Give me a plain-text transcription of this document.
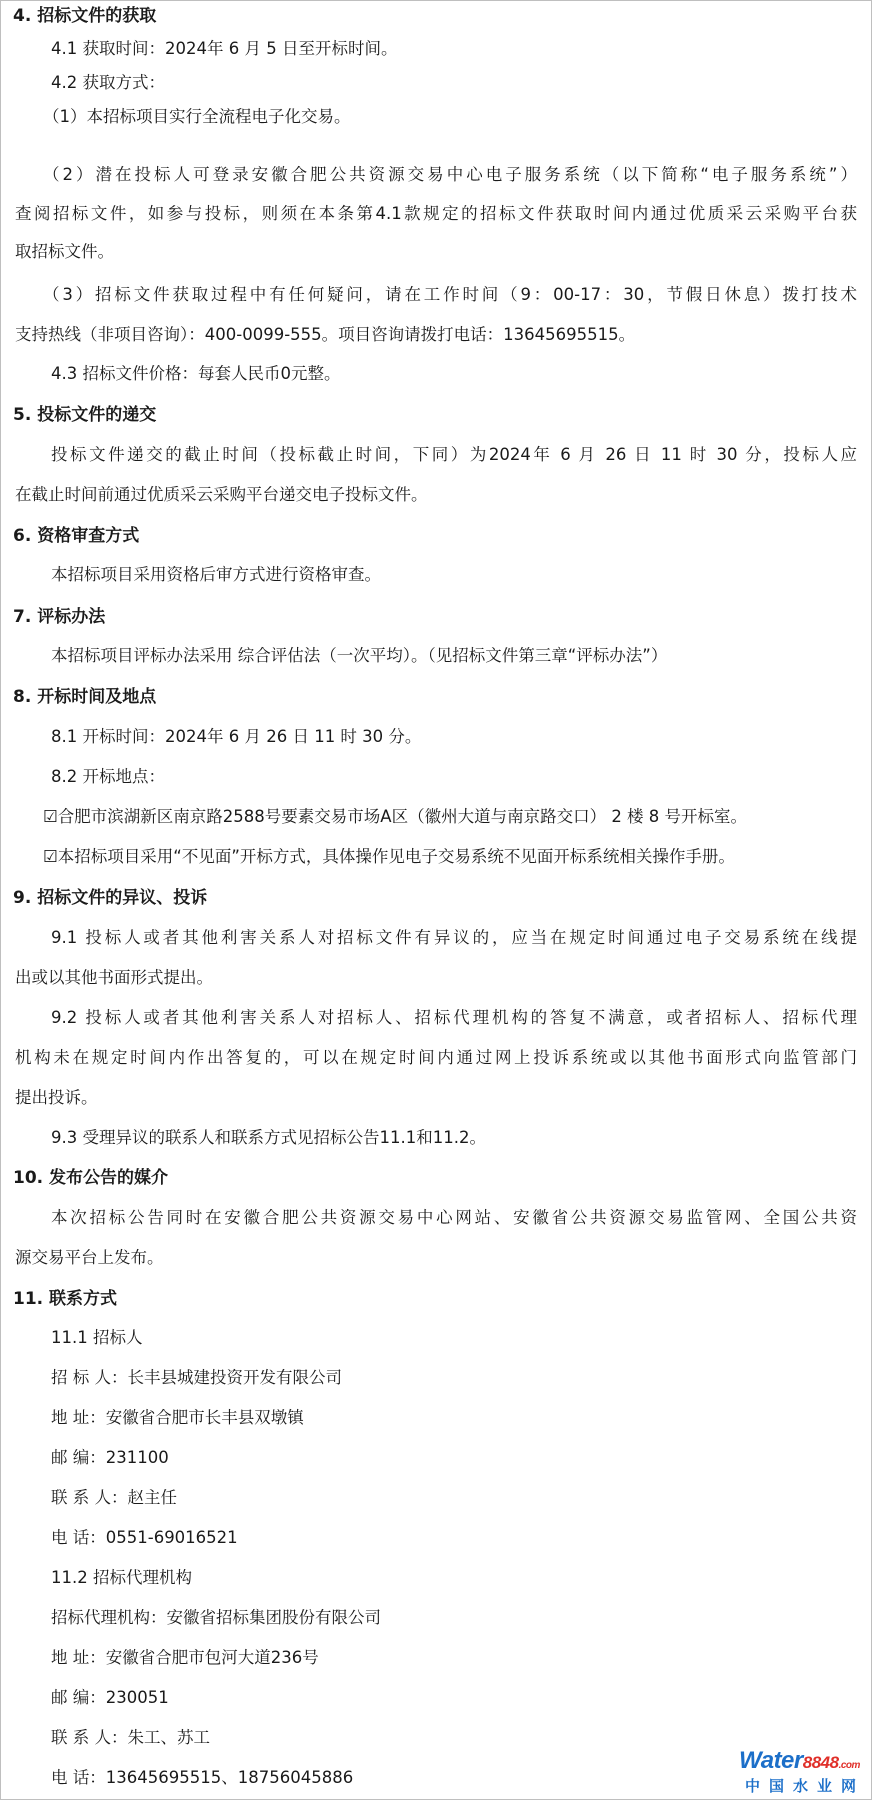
4. 招标文件的获取
4.1 获取时间：2024年 6 月 5 日至开标时间。
4.2 获取方式：
（1）本招标项目实行全流程电子化交易。
（2）潜在投标人可登录安徽合肥公共资源交易中心电子服务系统（以下简称“电子服务系统”）
查阅招标文件，如参与投标，则须在本条第4.1款规定的招标文件获取时间内通过优质采云采购平台获
取招标文件。
（3）招标文件获取过程中有任何疑问，请在工作时间（9：00-17：30，节假日休息）拨打技术
支持热线（非项目咨询）：400-0099-555。项目咨询请拨打电话：13645695515。
4.3 招标文件价格：每套人民币0元整。
5. 投标文件的递交
投标文件递交的截止时间（投标截止时间，下同）为2024年 6 月 26 日 11 时 30 分，投标人应
在截止时间前通过优质采云采购平台递交电子投标文件。
6. 资格审查方式
本招标项目采用资格后审方式进行资格审查。
7. 评标办法
本招标项目评标办法采用 综合评估法（一次平均）。（见招标文件第三章“评标办法”）
8. 开标时间及地点
8.1 开标时间：2024年 6 月 26 日 11 时 30 分。
8.2 开标地点：
☑合肥市滨湖新区南京路2588号要素交易市场A区（徽州大道与南京路交口） 2 楼 8 号开标室。
☑本招标项目采用“不见面”开标方式，具体操作见电子交易系统不见面开标系统相关操作手册。
9. 招标文件的异议、投诉
9.1 投标人或者其他利害关系人对招标文件有异议的，应当在规定时间通过电子交易系统在线提
出或以其他书面形式提出。
9.2 投标人或者其他利害关系人对招标人、招标代理机构的答复不满意，或者招标人、招标代理
机构未在规定时间内作出答复的，可以在规定时间内通过网上投诉系统或以其他书面形式向监管部门
提出投诉。
9.3 受理异议的联系人和联系方式见招标公告11.1和11.2。
10. 发布公告的媒介
本次招标公告同时在安徽合肥公共资源交易中心网站、安徽省公共资源交易监管网、全国公共资
源交易平台上发布。
11. 联系方式
11.1 招标人
招 标 人：长丰县城建投资开发有限公司
地 址：安徽省合肥市长丰县双墩镇
邮 编：231100
联 系 人：赵主任
电 话：0551-69016521
11.2 招标代理机构
招标代理机构：安徽省招标集团股份有限公司
地 址：安徽省合肥市包河大道236号
邮 编：230051
联 系 人：朱工、苏工
电 话：13645695515、18756045886
Water8848.com
中国水业网
